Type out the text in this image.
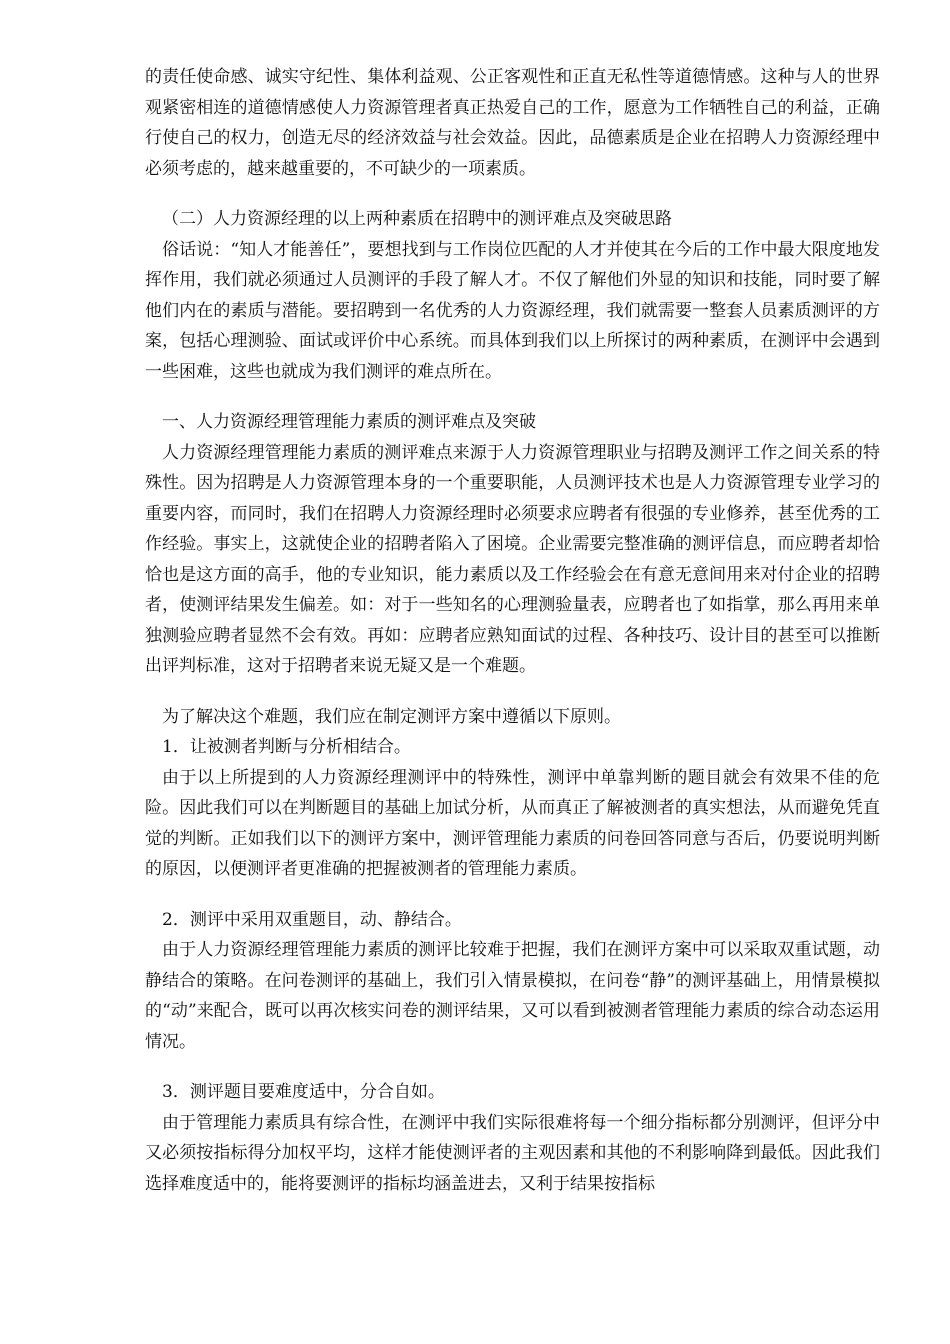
的责任使命感、诚实守纪性、集体利益观、公正客观性和正直无私性等道德情感。这种与人的世界观紧密相连的道德情感使人力资源管理者真正热爱自己的工作，愿意为工作牺牲自己的利益，正确行使自己的权力，创造无尽的经济效益与社会效益。因此，品德素质是企业在招聘人力资源经理中必须考虑的，越来越重要的，不可缺少的一项素质。

（二）人力资源经理的以上两种素质在招聘中的测评难点及突破思路

俗话说：“知人才能善任”，要想找到与工作岗位匹配的人才并使其在今后的工作中最大限度地发挥作用，我们就必须通过人员测评的手段了解人才。不仅了解他们外显的知识和技能，同时要了解他们内在的素质与潜能。要招聘到一名优秀的人力资源经理，我们就需要一整套人员素质测评的方案，包括心理测验、面试或评价中心系统。而具体到我们以上所探讨的两种素质，在测评中会遇到一些困难，这些也就成为我们测评的难点所在。

一、人力资源经理管理能力素质的测评难点及突破

人力资源经理管理能力素质的测评难点来源于人力资源管理职业与招聘及测评工作之间关系的特殊性。因为招聘是人力资源管理本身的一个重要职能，人员测评技术也是人力资源管理专业学习的重要内容，而同时，我们在招聘人力资源经理时必须要求应聘者有很强的专业修养，甚至优秀的工作经验。事实上，这就使企业的招聘者陷入了困境。企业需要完整准确的测评信息，而应聘者却恰恰也是这方面的高手，他的专业知识，能力素质以及工作经验会在有意无意间用来对付企业的招聘者，使测评结果发生偏差。如：对于一些知名的心理测验量表，应聘者也了如指掌，那么再用来单独测验应聘者显然不会有效。再如：应聘者应熟知面试的过程、各种技巧、设计目的甚至可以推断出评判标准，这对于招聘者来说无疑又是一个难题。

为了解决这个难题，我们应在制定测评方案中遵循以下原则。

1．让被测者判断与分析相结合。

由于以上所提到的人力资源经理测评中的特殊性，测评中单靠判断的题目就会有效果不佳的危险。因此我们可以在判断题目的基础上加试分析，从而真正了解被测者的真实想法，从而避免凭直觉的判断。正如我们以下的测评方案中，测评管理能力素质的问卷回答同意与否后，仍要说明判断的原因，以便测评者更准确的把握被测者的管理能力素质。

2．测评中采用双重题目，动、静结合。

由于人力资源经理管理能力素质的测评比较难于把握，我们在测评方案中可以采取双重试题，动静结合的策略。在问卷测评的基础上，我们引入情景模拟，在问卷“静”的测评基础上，用情景模拟的“动”来配合，既可以再次核实问卷的测评结果，又可以看到被测者管理能力素质的综合动态运用情况。

3．测评题目要难度适中，分合自如。

由于管理能力素质具有综合性，在测评中我们实际很难将每一个细分指标都分别测评，但评分中又必须按指标得分加权平均，这样才能使测评者的主观因素和其他的不利影响降到最低。因此我们选择难度适中的，能将要测评的指标均涵盖进去，又利于结果按指标
